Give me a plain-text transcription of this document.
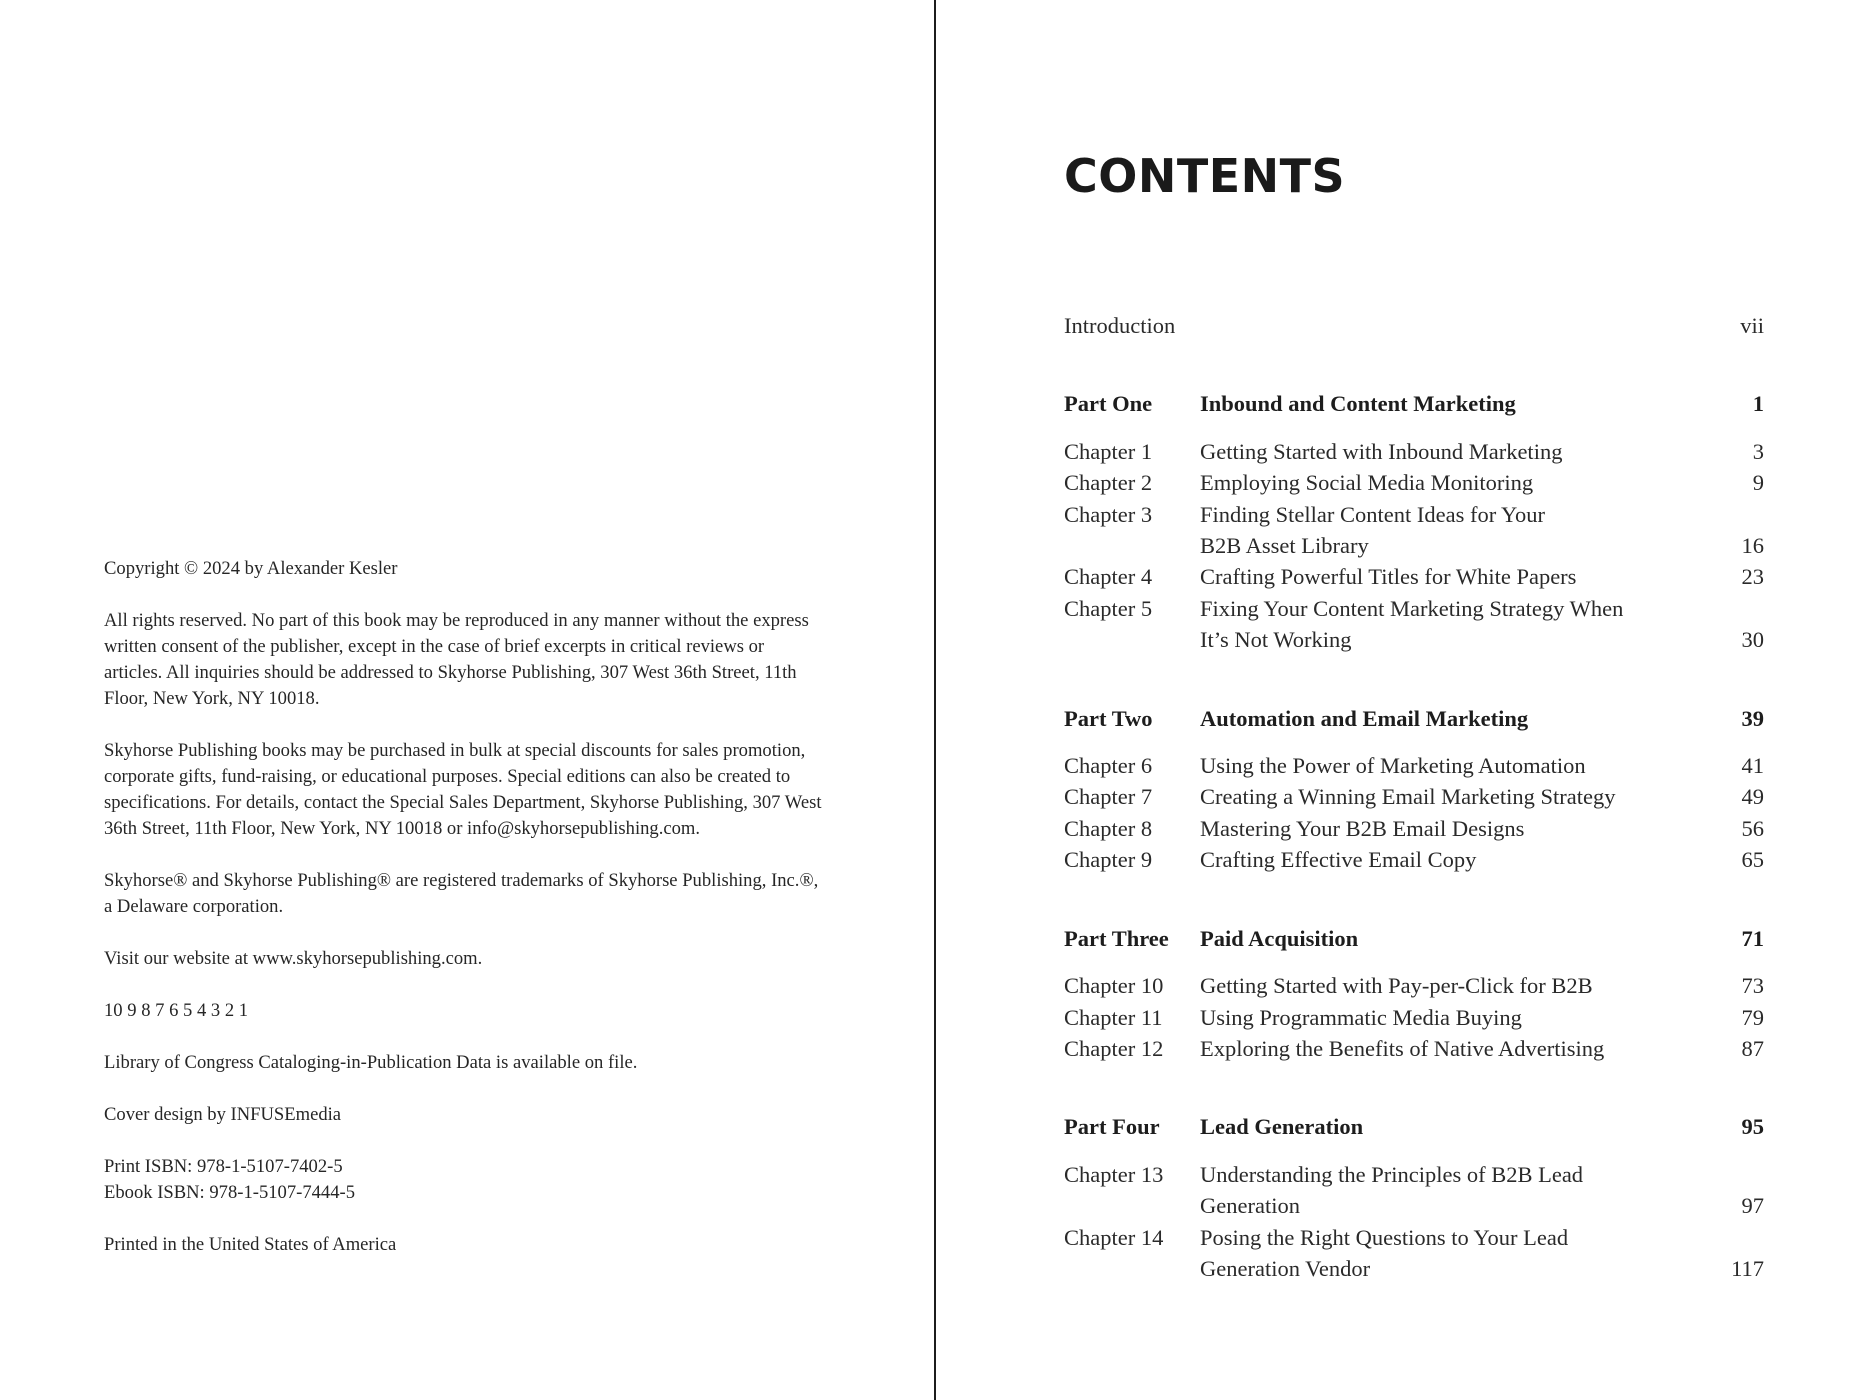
Copyright © 2024 by Alexander Kesler

All rights reserved. No part of this book may be reproduced in any manner without the express written consent of the publisher, except in the case of brief excerpts in critical reviews or articles. All inquiries should be addressed to Skyhorse Publishing, 307 West 36th Street, 11th Floor, New York, NY 10018.

Skyhorse Publishing books may be purchased in bulk at special discounts for sales promotion, corporate gifts, fund-raising, or educational purposes. Special editions can also be created to specifications. For details, contact the Special Sales Department, Skyhorse Publishing, 307 West 36th Street, 11th Floor, New York, NY 10018 or info@skyhorsepublishing.com.

Skyhorse® and Skyhorse Publishing® are registered trademarks of Skyhorse Publishing, Inc.®, a Delaware corporation.

Visit our website at www.skyhorsepublishing.com.

10 9 8 7 6 5 4 3 2 1

Library of Congress Cataloging-in-Publication Data is available on file.

Cover design by INFUSEmedia

Print ISBN: 978-1-5107-7402-5

Ebook ISBN: 978-1-5107-7444-5

Printed in the United States of America

CONTENTS
Introduction	vii
Part One	Inbound and Content Marketing	1
Chapter 1	Getting Started with Inbound Marketing	3
Chapter 2	Employing Social Media Monitoring	9
Chapter 3	Finding Stellar Content Ideas for Your
B2B Asset Library	16
Chapter 4	Crafting Powerful Titles for White Papers	23
Chapter 5	Fixing Your Content Marketing Strategy When
It’s Not Working	30
Part Two	Automation and Email Marketing	39
Chapter 6	Using the Power of Marketing Automation	41
Chapter 7	Creating a Winning Email Marketing Strategy	49
Chapter 8	Mastering Your B2B Email Designs	56
Chapter 9	Crafting Effective Email Copy	65
Part Three	Paid Acquisition	71
Chapter 10	Getting Started with Pay-per-Click for B2B	73
Chapter 11	Using Programmatic Media Buying	79
Chapter 12	Exploring the Benefits of Native Advertising	87
Part Four	Lead Generation	95
Chapter 13	Understanding the Principles of B2B Lead
Generation	97
Chapter 14	Posing the Right Questions to Your Lead
Generation Vendor	117
